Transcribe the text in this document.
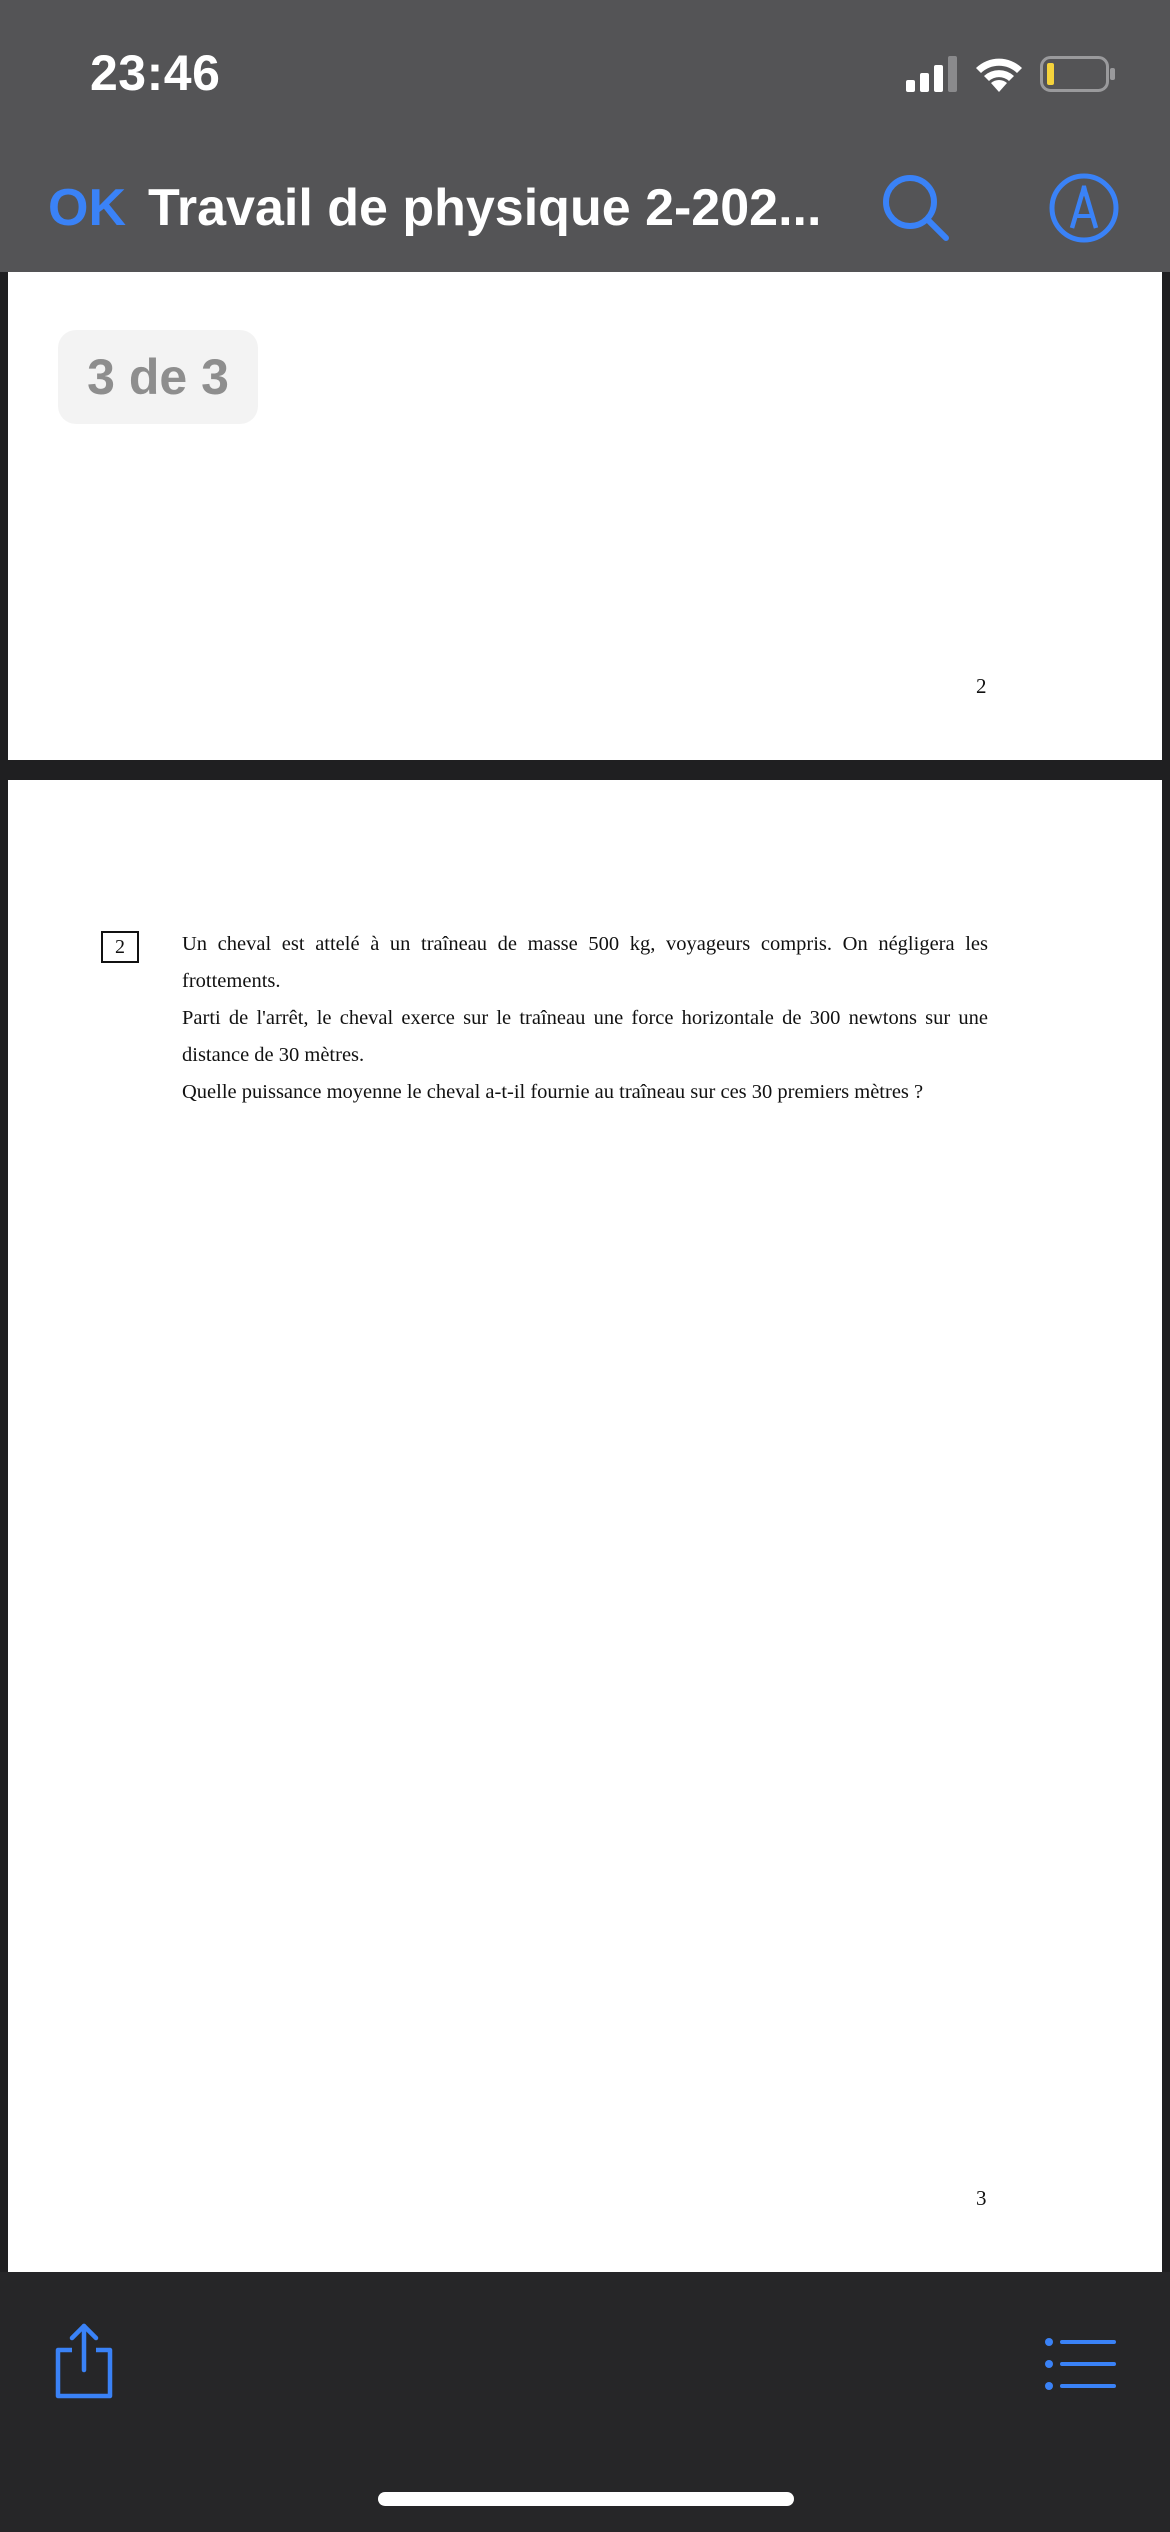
23:46
OK Travail de physique 2-202...
2
3 de 3
2	Un cheval est attelé à un traîneau de masse 500 kg, voyageurs compris. On négligera les frottements.

Parti de l'arrêt, le cheval exerce sur le traîneau une force horizontale de 300 newtons sur une distance de 30 mètres.

Quelle puissance moyenne le cheval a-t-il fournie au traîneau sur ces 30 premiers mètres ?

3
